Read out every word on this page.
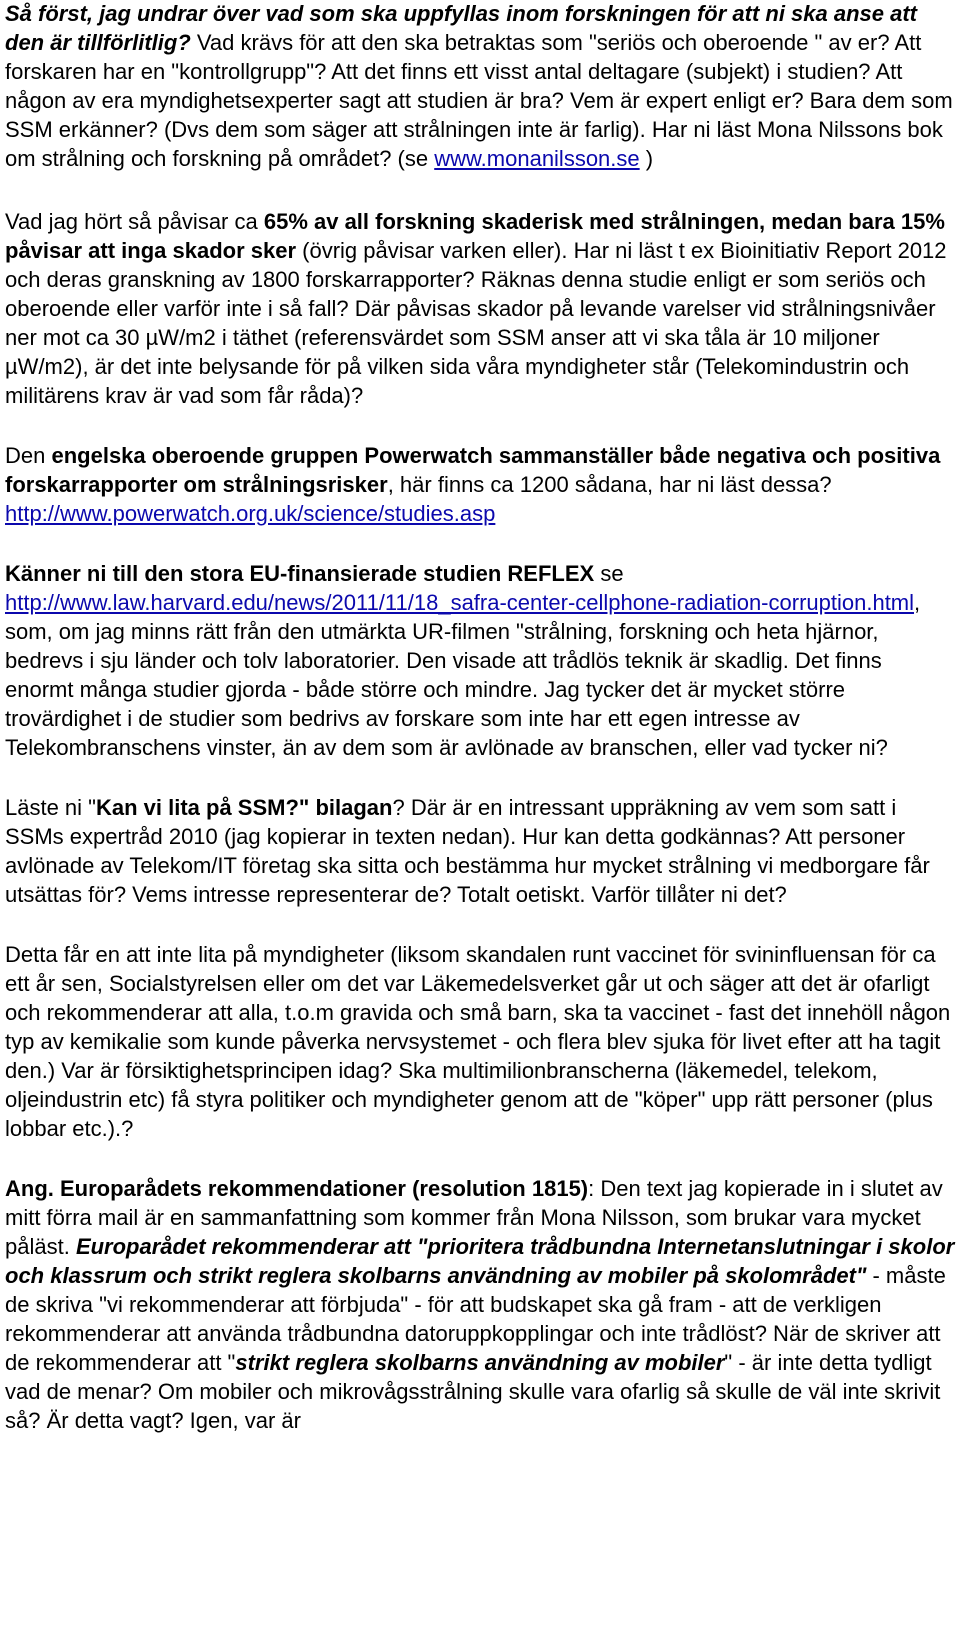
Så först, jag undrar över vad som ska uppfyllas inom forskningen för att ni ska anse att den är tillförlitlig? Vad krävs för att den ska betraktas som "seriös och oberoende " av er? Att forskaren har en "kontrollgrupp"? Att det finns ett visst antal deltagare (subjekt) i studien? Att någon av era myndighetsexperter sagt att studien är bra? Vem är expert enligt er? Bara dem som SSM erkänner? (Dvs dem som säger att strålningen inte är farlig). Har ni läst Mona Nilssons bok om strålning och forskning på området? (se www.monanilsson.se )

Vad jag hört så påvisar ca 65% av all forskning skaderisk med strålningen, medan bara 15% påvisar att inga skador sker (övrig påvisar varken eller). Har ni läst t ex Bioinitiativ Report 2012 och deras granskning av 1800 forskarrapporter? Räknas denna studie enligt er som seriös och oberoende eller varför inte i så fall? Där påvisas skador på levande varelser vid strålningsnivåer ner mot ca 30 µW/m2 i täthet (referensvärdet som SSM anser att vi ska tåla är 10 miljoner µW/m2), är det inte belysande för på vilken sida våra myndigheter står (Telekomindustrin och militärens krav är vad som får råda)?

Den engelska oberoende gruppen Powerwatch sammanställer både negativa och positiva forskarrapporter om strålningsrisker, här finns ca 1200 sådana, har ni läst dessa? http://www.powerwatch.org.uk/science/studies.asp

Känner ni till den stora EU-finansierade studien REFLEX se http://www.law.harvard.edu/news/2011/11/18_safra-center-cellphone-radiation-corruption.html, som, om jag minns rätt från den utmärkta UR-filmen "strålning, forskning och heta hjärnor, bedrevs i sju länder och tolv laboratorier. Den visade att trådlös teknik är skadlig. Det finns enormt många studier gjorda - både större och mindre. Jag tycker det är mycket större trovärdighet i de studier som bedrivs av forskare som inte har ett egen intresse av Telekombranschens vinster, än av dem som är avlönade av branschen, eller vad tycker ni?

Läste ni "Kan vi lita på SSM?" bilagan? Där är en intressant uppräkning av vem som satt i SSMs expertråd 2010 (jag kopierar in texten nedan). Hur kan detta godkännas? Att personer avlönade av Telekom/IT företag ska sitta och bestämma hur mycket strålning vi medborgare får utsättas för? Vems intresse representerar de? Totalt oetiskt. Varför tillåter ni det?

Detta får en att inte lita på myndigheter (liksom skandalen runt vaccinet för svininfluensan för ca ett år sen, Socialstyrelsen eller om det var Läkemedelsverket går ut och säger att det är ofarligt och rekommenderar att alla, t.o.m gravida och små barn, ska ta vaccinet - fast det innehöll någon typ av kemikalie som kunde påverka nervsystemet - och flera blev sjuka för livet efter att ha tagit den.) Var är försiktighetsprincipen idag? Ska multimilionbranscherna (läkemedel, telekom, oljeindustrin etc) få styra politiker och myndigheter genom att de "köper" upp rätt personer (plus lobbar etc.).?

Ang. Europarådets rekommendationer (resolution 1815): Den text jag kopierade in i slutet av mitt förra mail är en sammanfattning som kommer från Mona Nilsson, som brukar vara mycket påläst. Europarådet rekommenderar att "prioritera trådbundna Internetanslutningar i skolor och klassrum och strikt reglera skolbarns användning av mobiler på skolområdet" - måste de skriva "vi rekommenderar att förbjuda" - för att budskapet ska gå fram - att de verkligen rekommenderar att använda trådbundna datoruppkopplingar och inte trådlöst? När de skriver att de rekommenderar att "strikt reglera skolbarns användning av mobiler" - är inte detta tydligt vad de menar? Om mobiler och mikrovågsstrålning skulle vara ofarlig så skulle de väl inte skrivit så? Är detta vagt? Igen, var är
